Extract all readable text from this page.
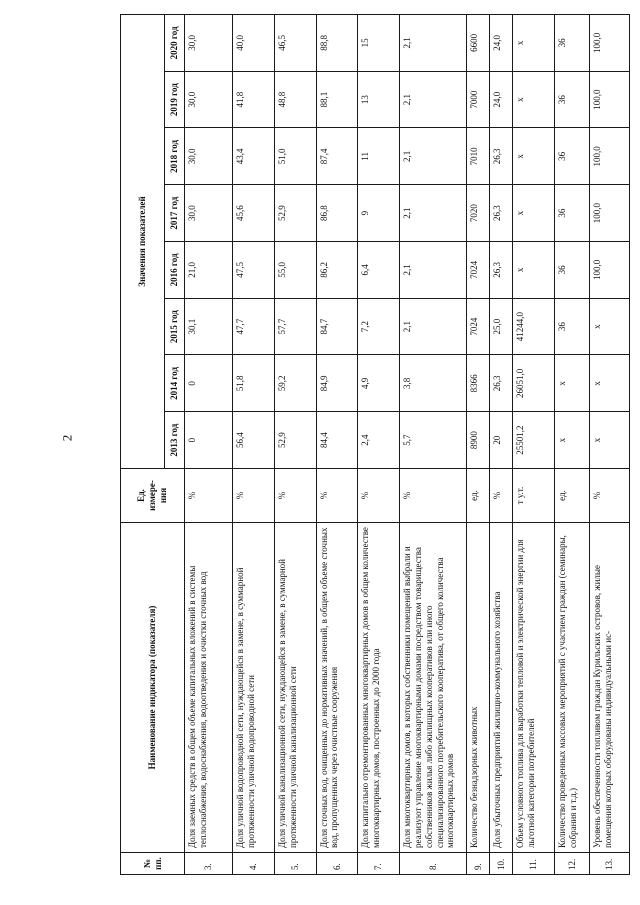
2
№ пп.	Наименование индикатора (показателя)	Ед. измере-ния	Значения показателей							
			2013 год	2014 год	2015 год	2016 год	2017 год	2018 год	2019 год	2020 год
3.	Доля заемных средств в общем объеме капитальных вложений в системы теплоснабжения, водоснабжения, водоотведения и очистки сточных вод	%	0	0	30,1	21,0	30,0	30,0	30,0	30,0
4.	Доля уличной водопроводной сети, нуждающейся в замене, в суммарной протяженности уличной водопроводной сети	%	56,4	51,8	47,7	47,5	45,6	43,4	41,8	40,0
5.	Доля уличной канализационной сети, нуждающейся в замене, в суммарной протяженности уличной канализационной сети	%	52,9	59,2	57,7	55,0	52,9	51,0	48,8	46,5
6.	Доля сточных вод, очищенных до нормативных значений, в общем объеме сточных вод, пропущенных через очистные сооружения	%	84,4	84,9	84,7	86,2	86,8	87,4	88,1	88,8
7.	Доля капитально отремонтированных многоквартирных домов в общем количестве многоквартирных домов, построенных до 2000 года	%	2,4	4,9	7,2	6,4	9	11	13	15
8.	Доля многоквартирных домов, в которых собственники помещений выбрали и реализуют управление многоквартирными домами посредством товарищества собственников жилья либо жилищных кооперативов или иного специализированного потребительского кооператива, от общего количества многоквартирных домов	%	5,7	3,8	2,1	2,1	2,1	2,1	2,1	2,1
9.	Количество безнадзорных животных	ед.	8900	8366	7024	7024	7020	7010	7000	6600
10.	Доля убыточных предприятий жилищно-коммунального хозяйства	%	20	26,3	25,0	26,3	26,3	26,3	24,0	24,0
11.	Объем условного топлива для выработки тепловой и электрической энергии для льготной категории потребителей	т у.т.	25501,2	26051,0	41244,0	х	х	х	х	х
12.	Количество проведенных массовых мероприятий с участием граждан (семинары, собрания и т.д.)	ед.	х	х	36	36	36	36	36	36
13.	Уровень обеспеченности топливом граждан Курильских островов, жилые помещения которых оборудованы индивидуальными ис-	%	х	х	х	100,0	100,0	100,0	100,0	100,0
